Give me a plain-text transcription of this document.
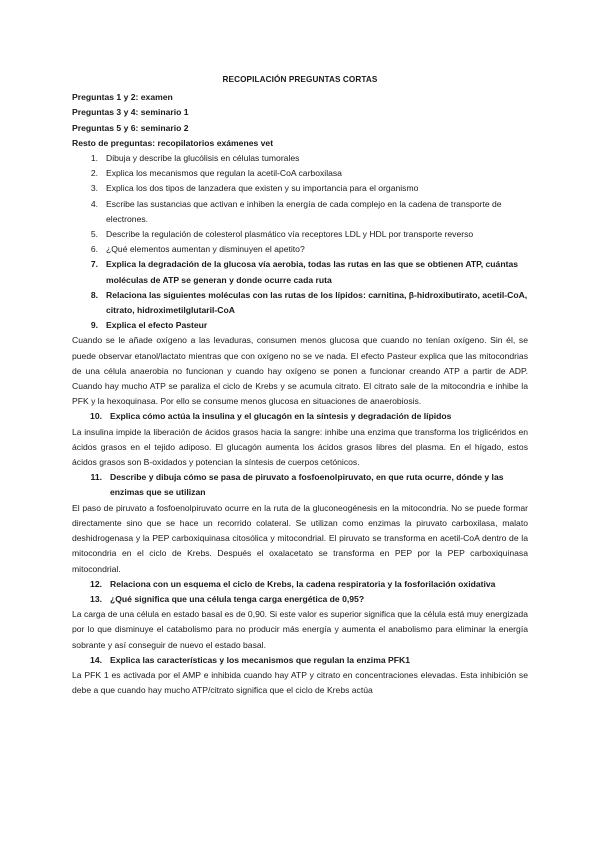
RECOPILACIÓN PREGUNTAS CORTAS
Preguntas 1 y 2: examen
Preguntas 3 y 4: seminario 1
Preguntas 5 y 6: seminario 2
Resto de preguntas: recopilatorios exámenes vet
1. Dibuja y describe la glucólisis en células tumorales
2. Explica los mecanismos que regulan la acetil-CoA carboxilasa
3. Explica los dos tipos de lanzadera que existen y su importancia para el organismo
4. Escribe las sustancias que activan e inhiben la energía de cada complejo en la cadena de transporte de electrones.
5. Describe la regulación de colesterol plasmático vía receptores LDL y HDL por transporte reverso
6. ¿Qué elementos aumentan y disminuyen el apetito?
7. Explica la degradación de la glucosa vía aerobia, todas las rutas en las que se obtienen ATP, cuántas moléculas de ATP se generan y donde ocurre cada ruta
8. Relaciona las siguientes moléculas con las rutas de los lípidos: carnitina, β-hidroxibutirato, acetil-CoA, citrato, hidroximetilglutaril-CoA
9. Explica el efecto Pasteur
Cuando se le añade oxígeno a las levaduras, consumen menos glucosa que cuando no tenían oxígeno. Sin él, se puede observar etanol/lactato mientras que con oxígeno no se ve nada. El efecto Pasteur explica que las mitocondrias de una célula anaerobia no funcionan y cuando hay oxígeno se ponen a funcionar creando ATP a partir de ADP. Cuando hay mucho ATP se paraliza el ciclo de Krebs y se acumula citrato. El citrato sale de la mitocondria e inhibe la PFK y la hexoquinasa. Por ello se consume menos glucosa en situaciones de anaerobiosis.
10. Explica cómo actúa la insulina y el glucagón en la síntesis y degradación de lípidos
La insulina impide la liberación de ácidos grasos hacia la sangre: inhibe una enzima que transforma los triglicéridos en ácidos grasos en el tejido adiposo. El glucagón aumenta los ácidos grasos libres del plasma. En el hígado, estos ácidos grasos son B-oxidados y potencian la síntesis de cuerpos cetónicos.
11. Describe y dibuja cómo se pasa de piruvato a fosfoenolpiruvato, en que ruta ocurre, dónde y las enzimas que se utilizan
El paso de piruvato a fosfoenolpiruvato ocurre en la ruta de la gluconeogénesis en la mitocondria. No se puede formar directamente sino que se hace un recorrido colateral. Se utilizan como enzimas la piruvato carboxilasa, malato deshidrogenasa y la PEP carboxiquinasa citosólica y mitocondrial. El piruvato se transforma en acetil-CoA dentro de la mitocondria en el ciclo de Krebs. Después el oxalacetato se transforma en PEP por la PEP carboxiquinasa mitocondrial.
12. Relaciona con un esquema el ciclo de Krebs, la cadena respiratoria y la fosforilación oxidativa
13. ¿Qué significa que una célula tenga carga energética de 0,95?
La carga de una célula en estado basal es de 0,90. Si este valor es superior significa que la célula está muy energizada por lo que disminuye el catabolismo para no producir más energía y aumenta el anabolismo para eliminar la energía sobrante y así conseguir de nuevo el estado basal.
14. Explica las características y los mecanismos que regulan la enzima PFK1
La PFK 1 es activada por el AMP e inhibida cuando hay ATP y citrato en concentraciones elevadas. Esta inhibición se debe a que cuando hay mucho ATP/citrato significa que el ciclo de Krebs actúa
